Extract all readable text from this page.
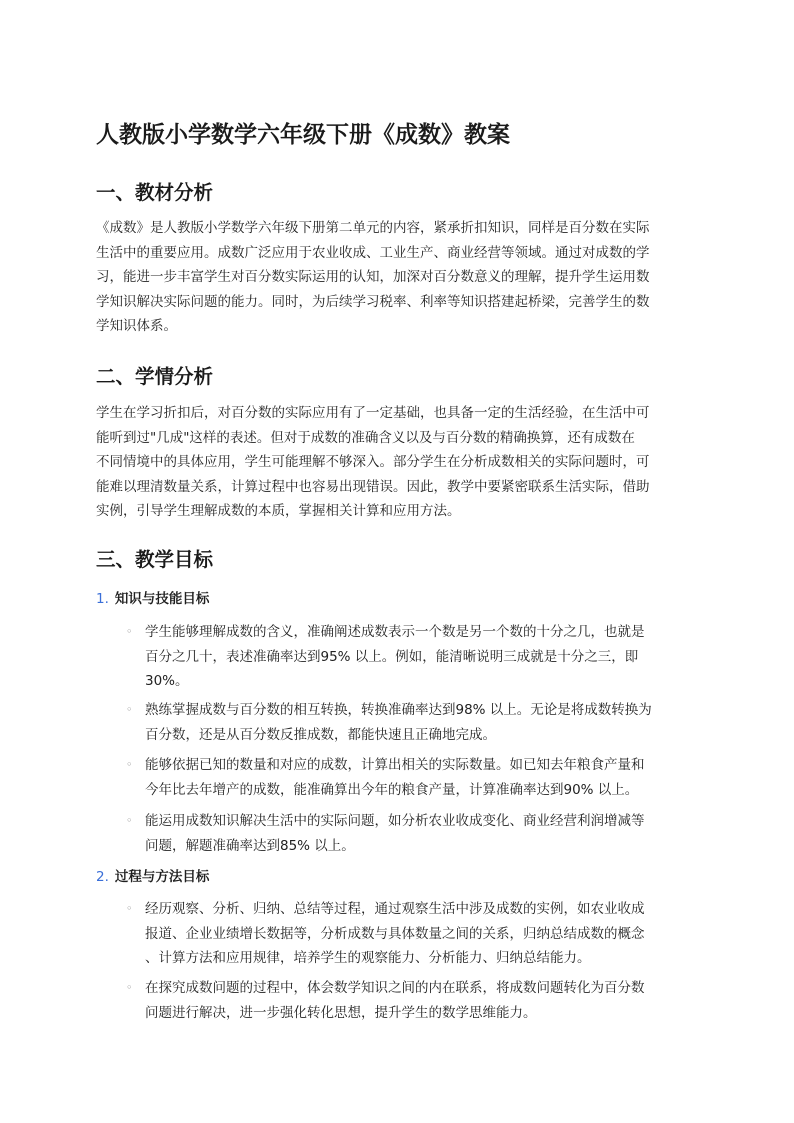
人教版小学数学六年级下册《成数》教案
一、教材分析
《成数》是人教版小学数学六年级下册第二单元的内容，紧承折扣知识，同样是百分数在实际
生活中的重要应用。成数广泛应用于农业收成、工业生产、商业经营等领域。通过对成数的学
习，能进一步丰富学生对百分数实际运用的认知，加深对百分数意义的理解，提升学生运用数
学知识解决实际问题的能力。同时，为后续学习税率、利率等知识搭建起桥梁，完善学生的数
学知识体系。
二、学情分析
学生在学习折扣后，对百分数的实际应用有了一定基础，也具备一定的生活经验，在生活中可
能听到过"几成"这样的表述。但对于成数的准确含义以及与百分数的精确换算，还有成数在
不同情境中的具体应用，学生可能理解不够深入。部分学生在分析成数相关的实际问题时，可
能难以理清数量关系，计算过程中也容易出现错误。因此，教学中要紧密联系生活实际，借助
实例，引导学生理解成数的本质，掌握相关计算和应用方法。
三、教学目标
1. 知识与技能目标
◦ 学生能够理解成数的含义，准确阐述成数表示一个数是另一个数的十分之几，也就是
百分之几十，表述准确率达到95% 以上。例如，能清晰说明三成就是十分之三，即
30%。
◦ 熟练掌握成数与百分数的相互转换，转换准确率达到98% 以上。无论是将成数转换为
百分数，还是从百分数反推成数，都能快速且正确地完成。
◦ 能够依据已知的数量和对应的成数，计算出相关的实际数量。如已知去年粮食产量和
今年比去年增产的成数，能准确算出今年的粮食产量，计算准确率达到90% 以上。
◦ 能运用成数知识解决生活中的实际问题，如分析农业收成变化、商业经营利润增减等
问题，解题准确率达到85% 以上。
2. 过程与方法目标
◦ 经历观察、分析、归纳、总结等过程，通过观察生活中涉及成数的实例，如农业收成
报道、企业业绩增长数据等，分析成数与具体数量之间的关系，归纳总结成数的概念
、计算方法和应用规律，培养学生的观察能力、分析能力、归纳总结能力。
◦ 在探究成数问题的过程中，体会数学知识之间的内在联系，将成数问题转化为百分数
问题进行解决，进一步强化转化思想，提升学生的数学思维能力。
